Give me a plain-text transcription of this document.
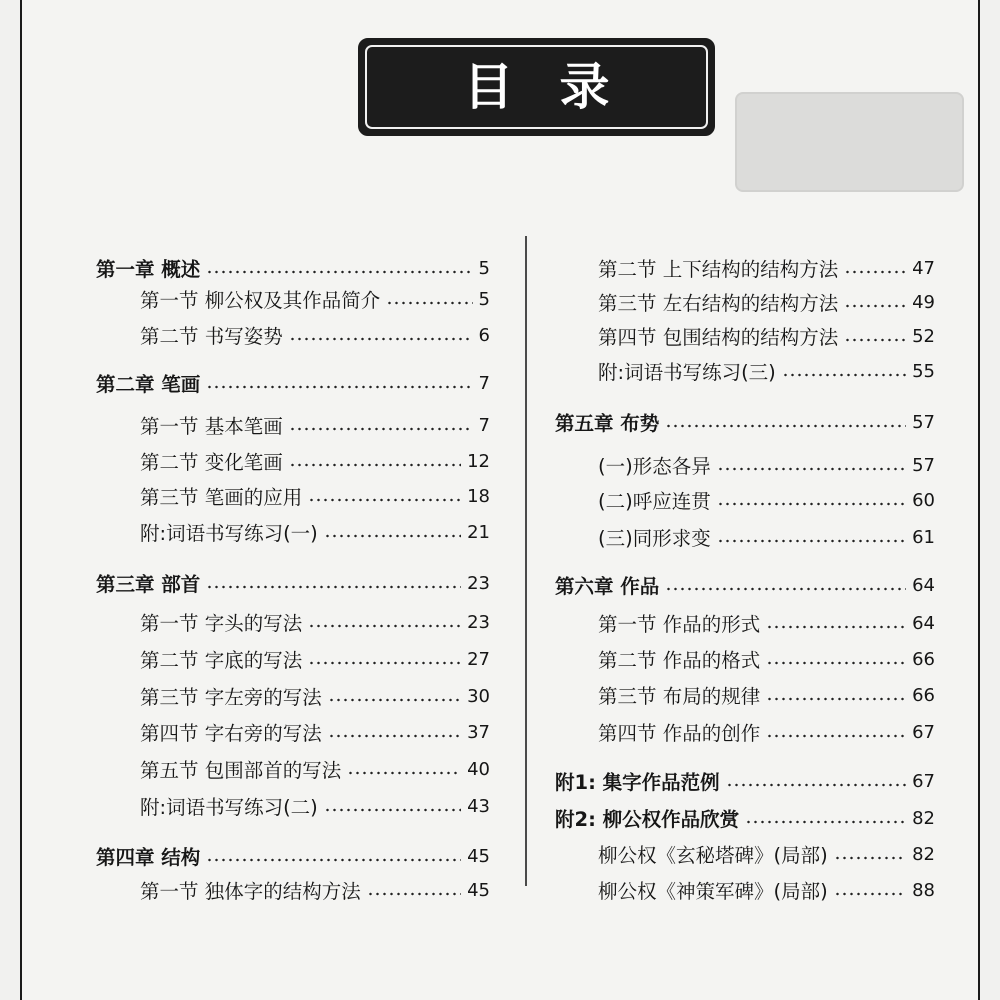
目录
第一章 概述	5
第一节 柳公权及其作品简介	5
第二节 书写姿势	6
第二章 笔画	7
第一节 基本笔画	7
第二节 变化笔画	12
第三节 笔画的应用	18
附:词语书写练习(一)	21
第三章 部首	23
第一节 字头的写法	23
第二节 字底的写法	27
第三节 字左旁的写法	30
第四节 字右旁的写法	37
第五节 包围部首的写法	40
附:词语书写练习(二)	43
第四章 结构	45
第一节 独体字的结构方法	45
第二节 上下结构的结构方法	47
第三节 左右结构的结构方法	49
第四节 包围结构的结构方法	52
附:词语书写练习(三)	55
第五章 布势	57
(一)形态各异	57
(二)呼应连贯	60
(三)同形求变	61
第六章 作品	64
第一节 作品的形式	64
第二节 作品的格式	66
第三节 布局的规律	66
第四节 作品的创作	67
附1: 集字作品范例	67
附2: 柳公权作品欣赏	82
柳公权《玄秘塔碑》(局部)	82
柳公权《神策军碑》(局部)	88
